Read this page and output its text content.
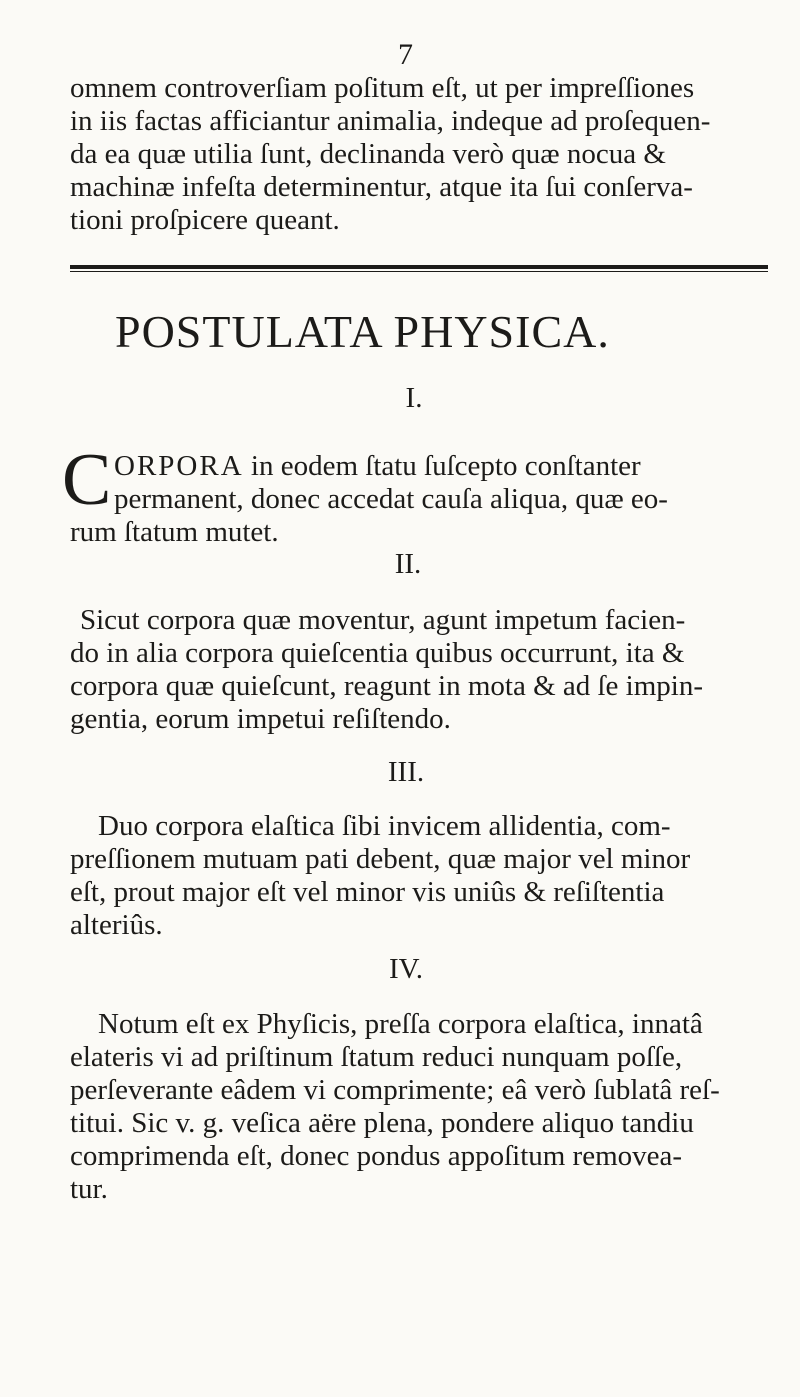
7

omnem controverſiam poſitum eſt, ut per impreſſiones
in iis factas afficiantur animalia, indeque ad proſequen-
da ea quæ utilia ſunt, declinanda verò quæ nocua &
machinæ infeſta determinentur, atque ita ſui conſerva-
tioni proſpicere queant.

POSTULATA PHYSICA.
I.
C ORPORA in eodem ſtatu ſuſcepto conſtanter

permanent, donec accedat cauſa aliqua, quæ eo-

rum ſtatum mutet.

II.

Sicut corpora quæ moventur, agunt impetum facien-
do in alia corpora quieſcentia quibus occurrunt, ita &
corpora quæ quieſcunt, reagunt in mota & ad ſe impin-
gentia, eorum impetui reſiſtendo.

III.

Duo corpora elaſtica ſibi invicem allidentia, com-
preſſionem mutuam pati debent, quæ major vel minor
eſt, prout major eſt vel minor vis uniûs & reſiſtentia
alteriûs.

IV.

Notum eſt ex Phyſicis, preſſa corpora elaſtica, innatâ
elateris vi ad priſtinum ſtatum reduci nunquam poſſe,
perſeverante eâdem vi comprimente; eâ verò ſublatâ reſ-
titui. Sic v. g. veſica aëre plena, pondere aliquo tandiu
comprimenda eſt, donec pondus appoſitum removea-
tur.
